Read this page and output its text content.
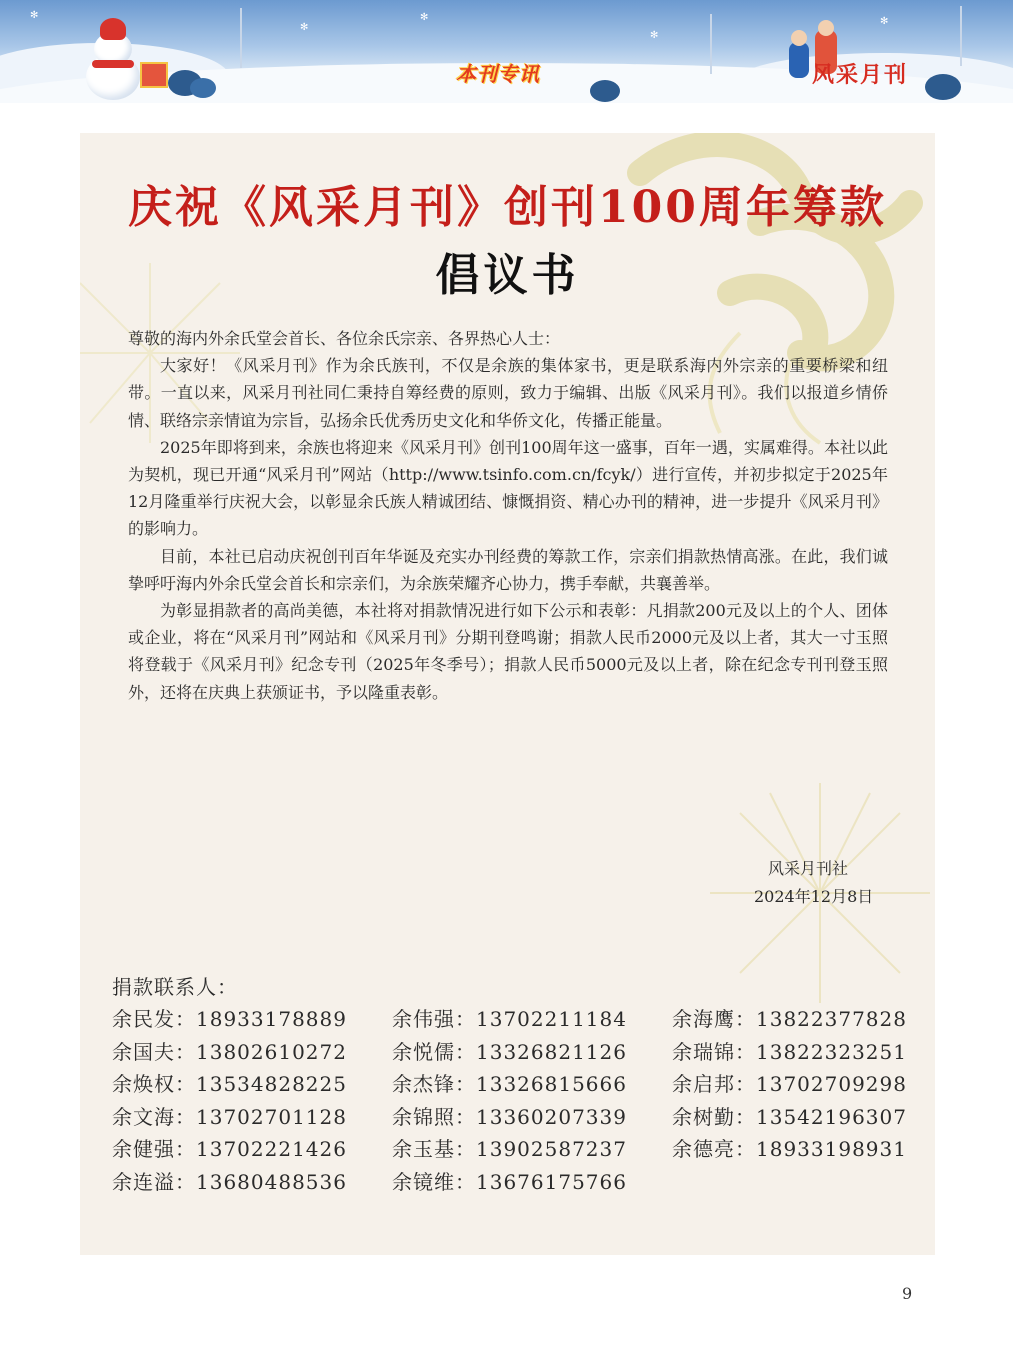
✻
✻
✻
✻
✻
本刊专讯	风采月刊
庆祝《风采月刊》创刊100周年筹款
倡议书

尊敬的海内外余氏堂会首长、各位余氏宗亲、各界热心人士：

大家好！《风采月刊》作为余氏族刊，不仅是余族的集体家书，更是联系海内外宗亲的重要桥梁和纽带。一直以来，风采月刊社同仁秉持自筹经费的原则，致力于编辑、出版《风采月刊》。我们以报道乡情侨情、联络宗亲情谊为宗旨，弘扬余氏优秀历史文化和华侨文化，传播正能量。

2025年即将到来，余族也将迎来《风采月刊》创刊100周年这一盛事，百年一遇，实属难得。本社以此为契机，现已开通“风采月刊”网站（http://www.tsinfo.com.cn/fcyk/）进行宣传，并初步拟定于2025年12月隆重举行庆祝大会，以彰显余氏族人精诚团结、慷慨捐资、精心办刊的精神，进一步提升《风采月刊》的影响力。

目前，本社已启动庆祝创刊百年华诞及充实办刊经费的筹款工作，宗亲们捐款热情高涨。在此，我们诚挚呼吁海内外余氏堂会首长和宗亲们，为余族荣耀齐心协力，携手奉献，共襄善举。

为彰显捐款者的高尚美德，本社将对捐款情况进行如下公示和表彰：凡捐款200元及以上的个人、团体或企业，将在“风采月刊”网站和《风采月刊》分期刊登鸣谢；捐款人民币2000元及以上者，其大一寸玉照将登载于《风采月刊》纪念专刊（2025年冬季号）；捐款人民币5000元及以上者，除在纪念专刊刊登玉照外，还将在庆典上获颁证书，予以隆重表彰。

风采月刊社
2024年12月8日
捐款联系人：
余民发：18933178889	余伟强：13702211184	余海鹰：13822377828
余国夫：13802610272	余悦儒：13326821126	余瑞锦：13822323251
余焕权：13534828225	余杰锋：13326815666	余启邦：13702709298
余文海：13702701128	余锦照：13360207339	余树勤：13542196307
余健强：13702221426	余玉基：13902587237	余德亮：18933198931
余连溢：13680488536	余镜维：13676175766
9
